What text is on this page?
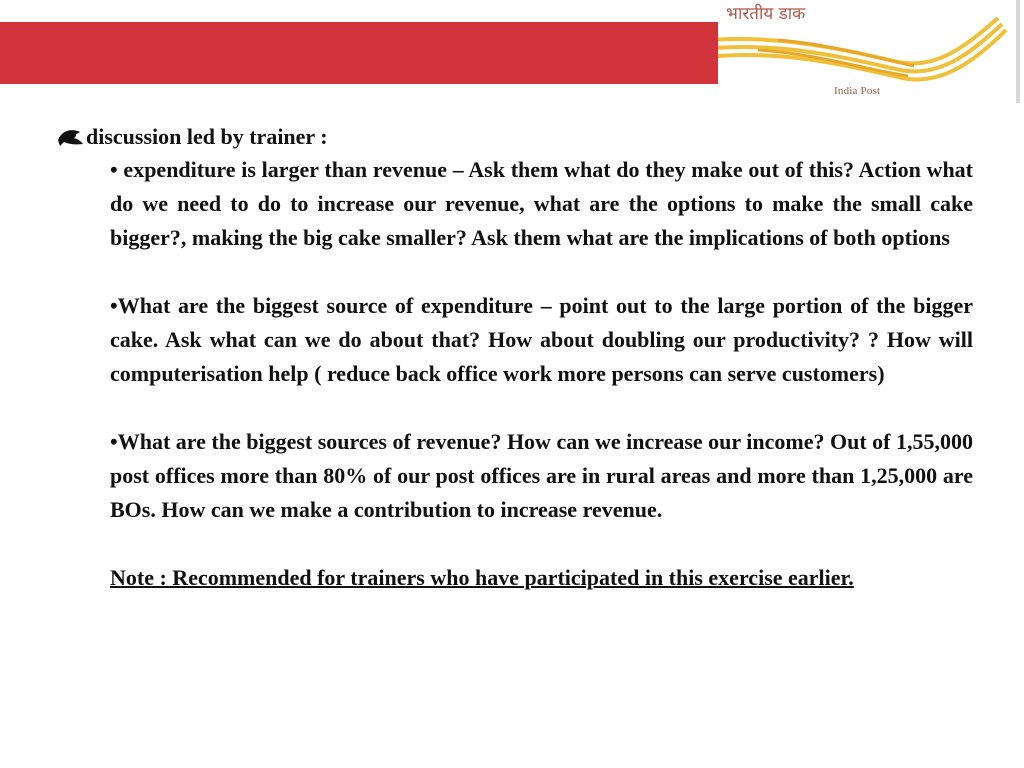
भारतीय डाक
India Post
discussion led by trainer :
• expenditure is larger than revenue – Ask them what do they make out of this? Action what do we need to do to increase our revenue, what are the options to make the small cake bigger?, making the big cake smaller? Ask them what are the implications of both options
•What are the biggest source of expenditure – point out to the large portion of the bigger cake. Ask what can we do about that? How about doubling our productivity? ? How will computerisation help ( reduce back office work more persons can serve customers)
•What are the biggest sources of revenue? How can we increase our income? Out of 1,55,000 post offices more than 80% of our post offices are in rural areas and more than 1,25,000 are BOs. How can we make a contribution to increase revenue.
Note : Recommended for trainers who have participated in this exercise earlier.
